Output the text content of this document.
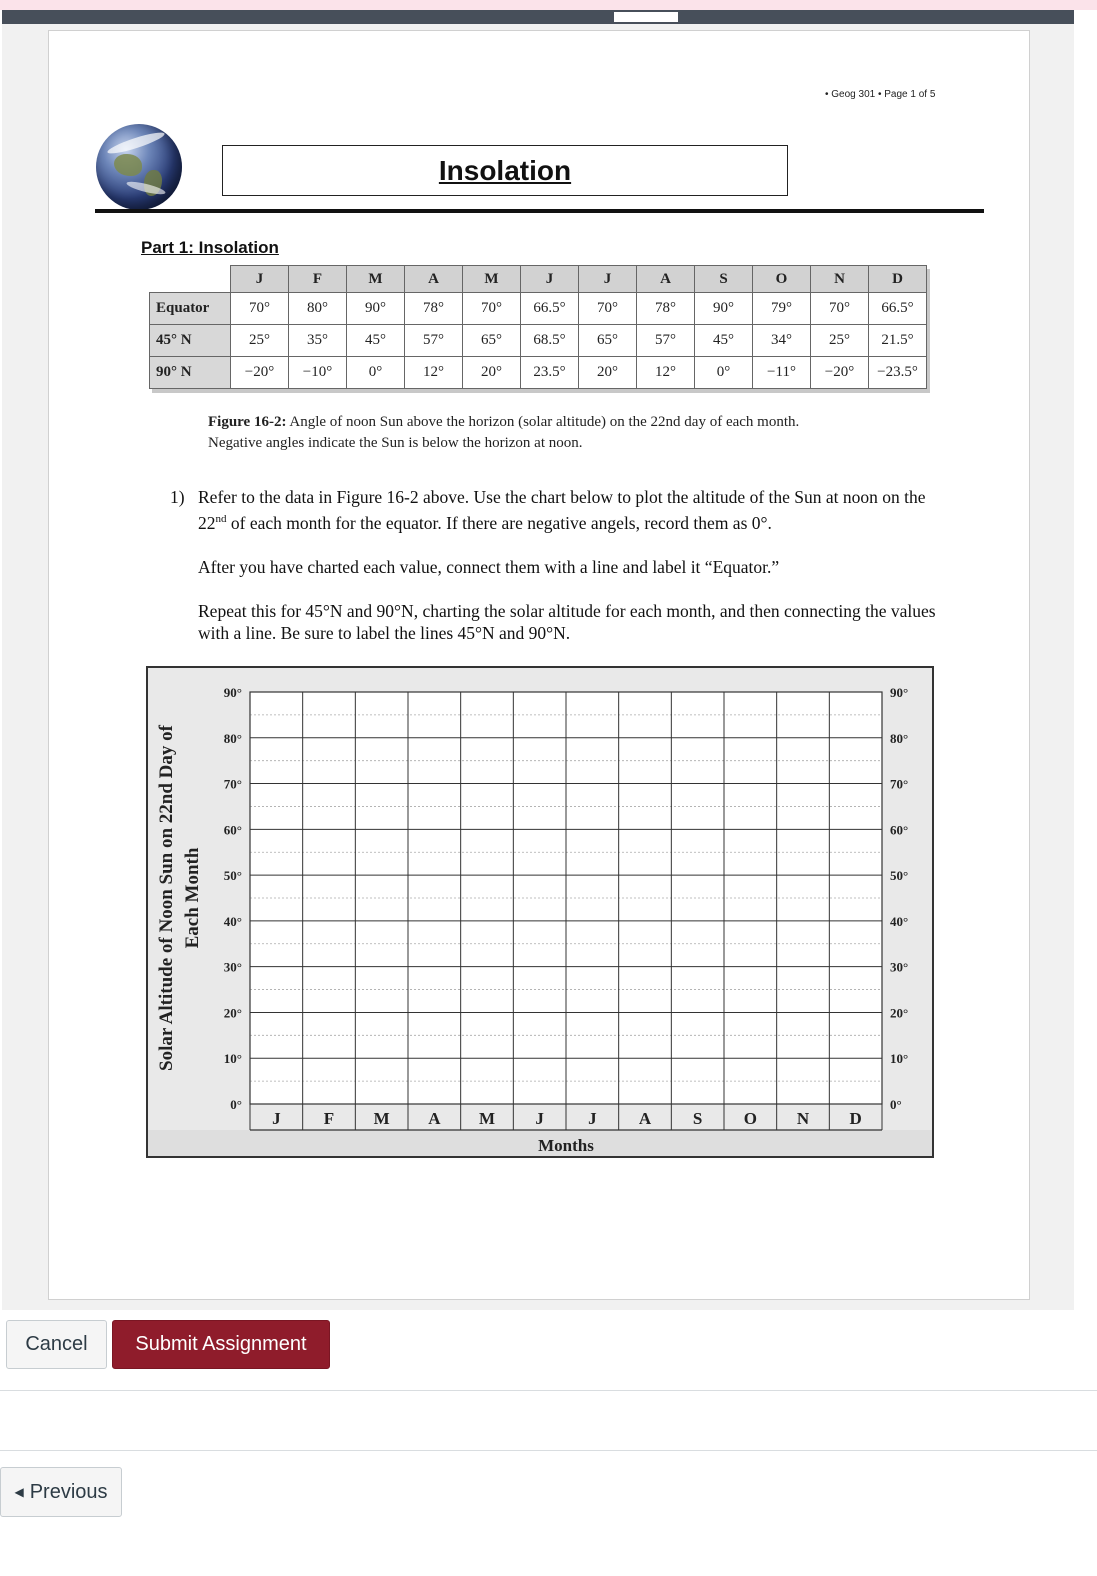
• Geog 301 • Page 1 of 5
Insolation
Part 1: Insolation
	J	F	M	A	M	J	J	A	S	O	N	D
Equator	70°	80°	90°	78°	70°	66.5°	70°	78°	90°	79°	70°	66.5°
45° N	25°	35°	45°	57°	65°	68.5°	65°	57°	45°	34°	25°	21.5°
90° N	−20°	−10°	0°	12°	20°	23.5°	20°	12°	0°	−11°	−20°	−23.5°
Figure 16-2: Angle of noon Sun above the horizon (solar altitude) on the 22nd day of each month.
Negative angles indicate the Sun is below the horizon at noon.
1) Refer to the data in Figure 16-2 above. Use the chart below to plot the altitude of the Sun at noon on the 22nd of each month for the equator. If there are negative angels, record them as 0°.

After you have charted each value, connect them with a line and label it “Equator.”

Repeat this for 45°N and 90°N, charting the solar altitude for each month, and then connecting the values with a line. Be sure to label the lines 45°N and 90°N.

0°	0°
10°	10°
20°	20°
30°	30°
40°	40°
50°	50°
60°	60°
70°	70°
80°	80°
90°	90°
J	F M A M J	J A S O N D
Months
Solar Altitude of Noon Sun on 22nd Day of Each Month
Cancel	Submit Assignment
◀ Previous
